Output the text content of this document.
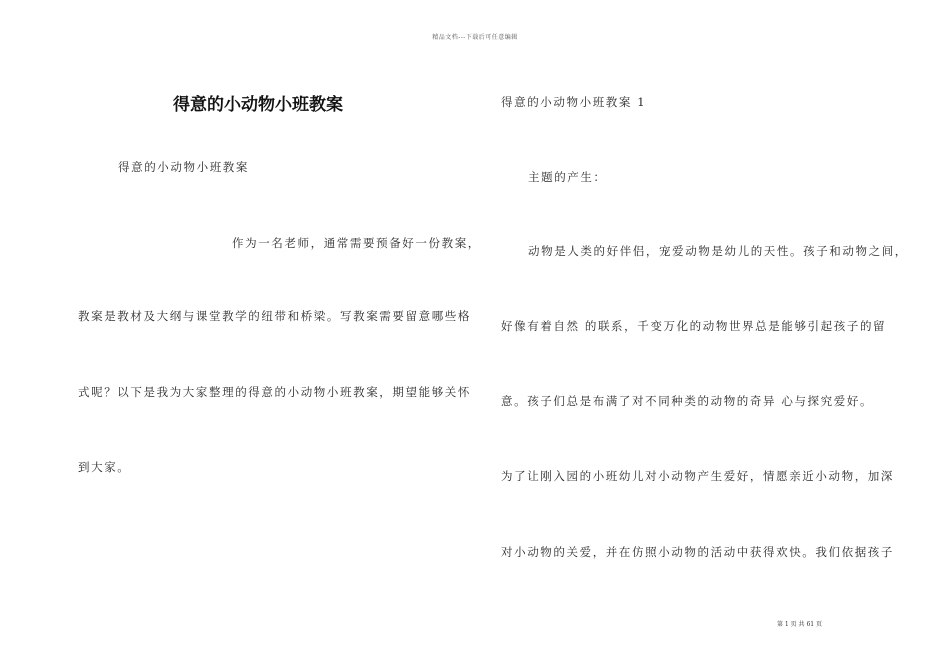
精品文档---下载后可任意编辑
得意的小动物小班教案
得意的小动物小班教案
作为一名老师，通常需要预备好一份教案，
教案是教材及大纲与课堂教学的纽带和桥梁。写教案需要留意哪些格
式呢？以下是我为大家整理的得意的小动物小班教案，期望能够关怀
到大家。
得意的小动物小班教案 1
主题的产生：
动物是人类的好伴侣，宠爱动物是幼儿的天性。孩子和动物之间，
好像有着自然 的联系，千变万化的动物世界总是能够引起孩子的留
意。孩子们总是布满了对不同种类的动物的奇异 心与探究爱好。
为了让刚入园的小班幼儿对小动物产生爱好，情愿亲近小动物，加深
对小动物的关爱，并在仿照小动物的活动中获得欢快。我们依据孩子
第 1 页 共 61 页
